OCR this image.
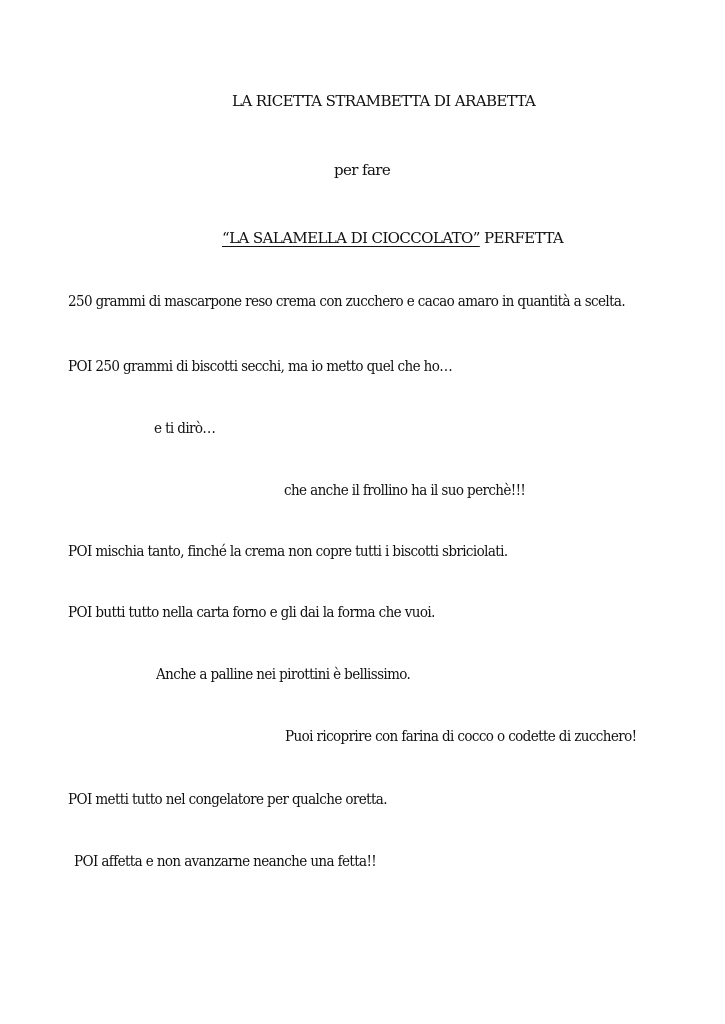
LA RICETTA STRAMBETTA DI ARABETTA
per fare
“LA SALAMELLA DI CIOCCOLATO” PERFETTA
250 grammi di mascarpone reso crema con zucchero e cacao amaro in quantità a scelta.
POI 250 grammi di biscotti secchi, ma io metto quel che ho…
e ti dirò…
che anche il frollino ha il suo perchè!!!
POI mischia tanto, finché la crema non copre tutti i biscotti sbriciolati.
POI butti tutto nella carta forno e gli dai la forma che vuoi.
Anche a palline nei pirottini è bellissimo.
Puoi ricoprire con farina di cocco o codette di zucchero!
POI metti tutto nel congelatore per qualche oretta.
POI affetta e non avanzarne neanche una fetta!!
